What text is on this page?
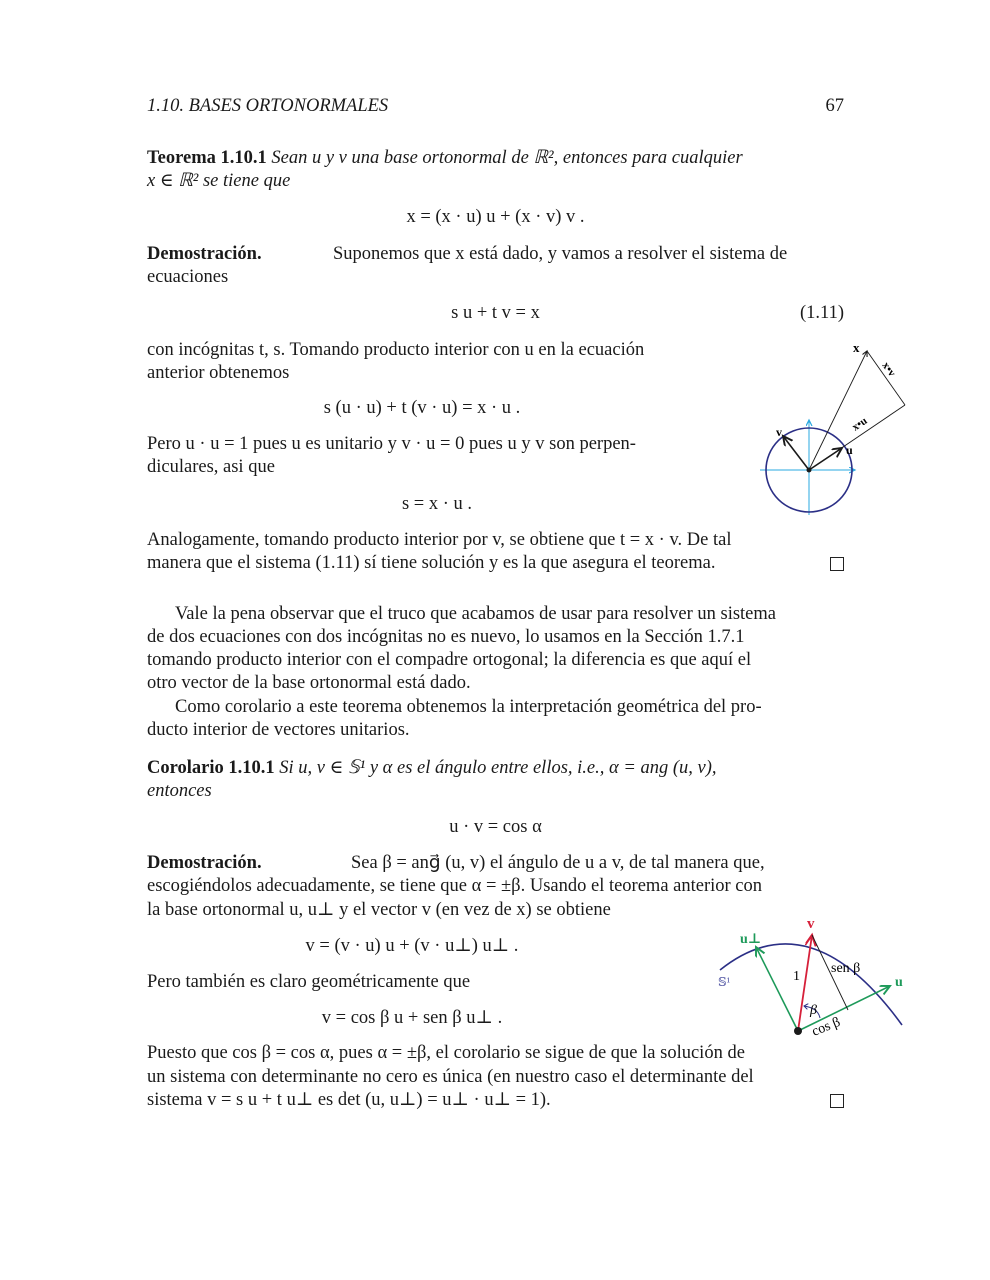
1.10. BASES ORTONORMALES	67
Teorema 1.10.1 Sean u y v una base ortonormal de ℝ², entonces para cualquier
x ∈ ℝ² se tiene que
x = (x · u) u + (x · v) v .
Demostración.	Suponemos que x está dado, y vamos a resolver el sistema de
ecuaciones
s u + t v = x	(1.11)
con incógnitas t, s. Tomando producto interior con u en la ecuación
anterior obtenemos
s (u · u) + t (v · u) = x · u .
Pero u · u = 1 pues u es unitario y v · u = 0 pues u y v son perpen-
diculares, asi que
s = x · u .
Analogamente, tomando producto interior por v, se obtiene que t = x · v. De tal
manera que el sistema (1.11) sí tiene solución y es la que asegura el teorema.
Vale la pena observar que el truco que acabamos de usar para resolver un sistema
de dos ecuaciones con dos incógnitas no es nuevo, lo usamos en la Sección 1.7.1
tomando producto interior con el compadre ortogonal; la diferencia es que aquí el
otro vector de la base ortonormal está dado.
Como corolario a este teorema obtenemos la interpretación geométrica del pro-
ducto interior de vectores unitarios.
Corolario 1.10.1 Si u, v ∈ 𝕊¹ y α es el ángulo entre ellos, i.e., α = ang (u, v),
entonces
u · v = cos α
Demostración.	Sea β = ang⃗ (u, v) el ángulo de u a v, de tal manera que,
escogiéndolos adecuadamente, se tiene que α = ±β. Usando el teorema anterior con
la base ortonormal u, u⊥ y el vector v (en vez de x) se obtiene
v = (v · u) u + (v · u⊥) u⊥ .
Pero también es claro geométricamente que
v = cos β u + sen β u⊥ .
Puesto que cos β = cos α, pues α = ±β, el corolario se sigue de que la solución de
un sistema con determinante no cero es única (en nuestro caso el determinante del
sistema v = s u + t u⊥ es det (u, u⊥) = u⊥ · u⊥ = 1).
x
x•v
x•u
u
v
v
u⊥
u
𝕊¹	1
sen β
β
cos β
